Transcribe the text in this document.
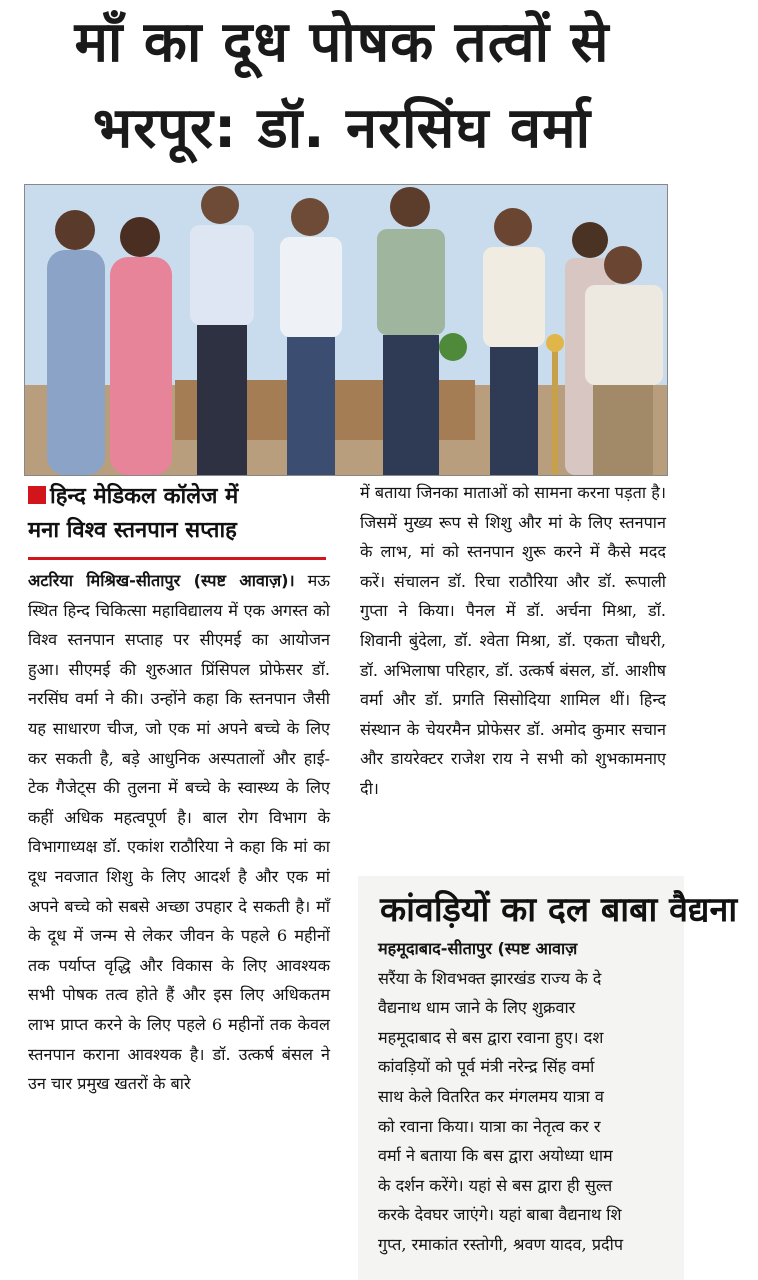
माँ का दूध पोषक तत्वों से
भरपूर: डॉ. नरसिंघ वर्मा
हिन्द मेडिकल कॉलेज में
मना विश्व स्तनपान सप्ताह
अटरिया मिश्रिख-सीतापुर (स्पष्ट आवाज़)। मऊ स्थित हिन्द चिकित्सा महाविद्यालय में एक अगस्त को विश्व स्तनपान सप्ताह पर सीएमई का आयोजन हुआ। सीएमई की शुरुआत प्रिंसिपल प्रोफेसर डॉ. नरसिंघ वर्मा ने की। उन्होंने कहा कि स्तनपान जैसी यह साधारण चीज, जो एक मां अपने बच्चे के लिए कर सकती है, बड़े आधुनिक अस्पतालों और हाई-टेक गैजेट्स की तुलना में बच्चे के स्वास्थ्य के लिए कहीं अधिक महत्वपूर्ण है। बाल रोग विभाग के विभागाध्यक्ष डॉ. एकांश राठौरिया ने कहा कि मां का दूध नवजात शिशु के लिए आदर्श है और एक मां अपने बच्चे को सबसे अच्छा उपहार दे सकती है। माँ के दूध में जन्म से लेकर जीवन के पहले 6 महीनों तक पर्याप्त वृद्धि और विकास के लिए आवश्यक सभी पोषक तत्व होते हैं और इस लिए अधिकतम लाभ प्राप्त करने के लिए पहले 6 महीनों तक केवल स्तनपान कराना आवश्यक है। डॉ. उत्कर्ष बंसल ने उन चार प्रमुख खतरों के बारे
में बताया जिनका माताओं को सामना करना पड़ता है। जिसमें मुख्य रूप से शिशु और मां के लिए स्तनपान के लाभ, मां को स्तनपान शुरू करने में कैसे मदद करें। संचालन डॉ. रिचा राठौरिया और डॉ. रूपाली गुप्ता ने किया। पैनल में डॉ. अर्चना मिश्रा, डॉ. शिवानी बुंदेला, डॉ. श्वेता मिश्रा, डॉ. एकता चौधरी, डॉ. अभिलाषा परिहार, डॉ. उत्कर्ष बंसल, डॉ. आशीष वर्मा और डॉ. प्रगति सिसोदिया शामिल थीं। हिन्द संस्थान के चेयरमैन प्रोफेसर डॉ. अमोद कुमार सचान और डायरेक्टर राजेश राय ने सभी को शुभकामनाए दी।
कांवड़ियों का दल बाबा वैद्यना
महमूदाबाद-सीतापुर (स्पष्ट आवाज़
सरैंया के शिवभक्त झारखंड राज्य के दे
वैद्यनाथ धाम जाने के लिए शुक्रवार
महमूदाबाद से बस द्वारा रवाना हुए। दश
कांवड़ियों को पूर्व मंत्री नरेन्द्र सिंह वर्मा
साथ केले वितरित कर मंगलमय यात्रा व
को रवाना किया। यात्रा का नेतृत्व कर र
वर्मा ने बताया कि बस द्वारा अयोध्या धाम
के दर्शन करेंगे। यहां से बस द्वारा ही सुल्त
करके देवघर जाएंगे। यहां बाबा वैद्यनाथ शि
गुप्त, रमाकांत रस्तोगी, श्रवण यादव, प्रदीप
